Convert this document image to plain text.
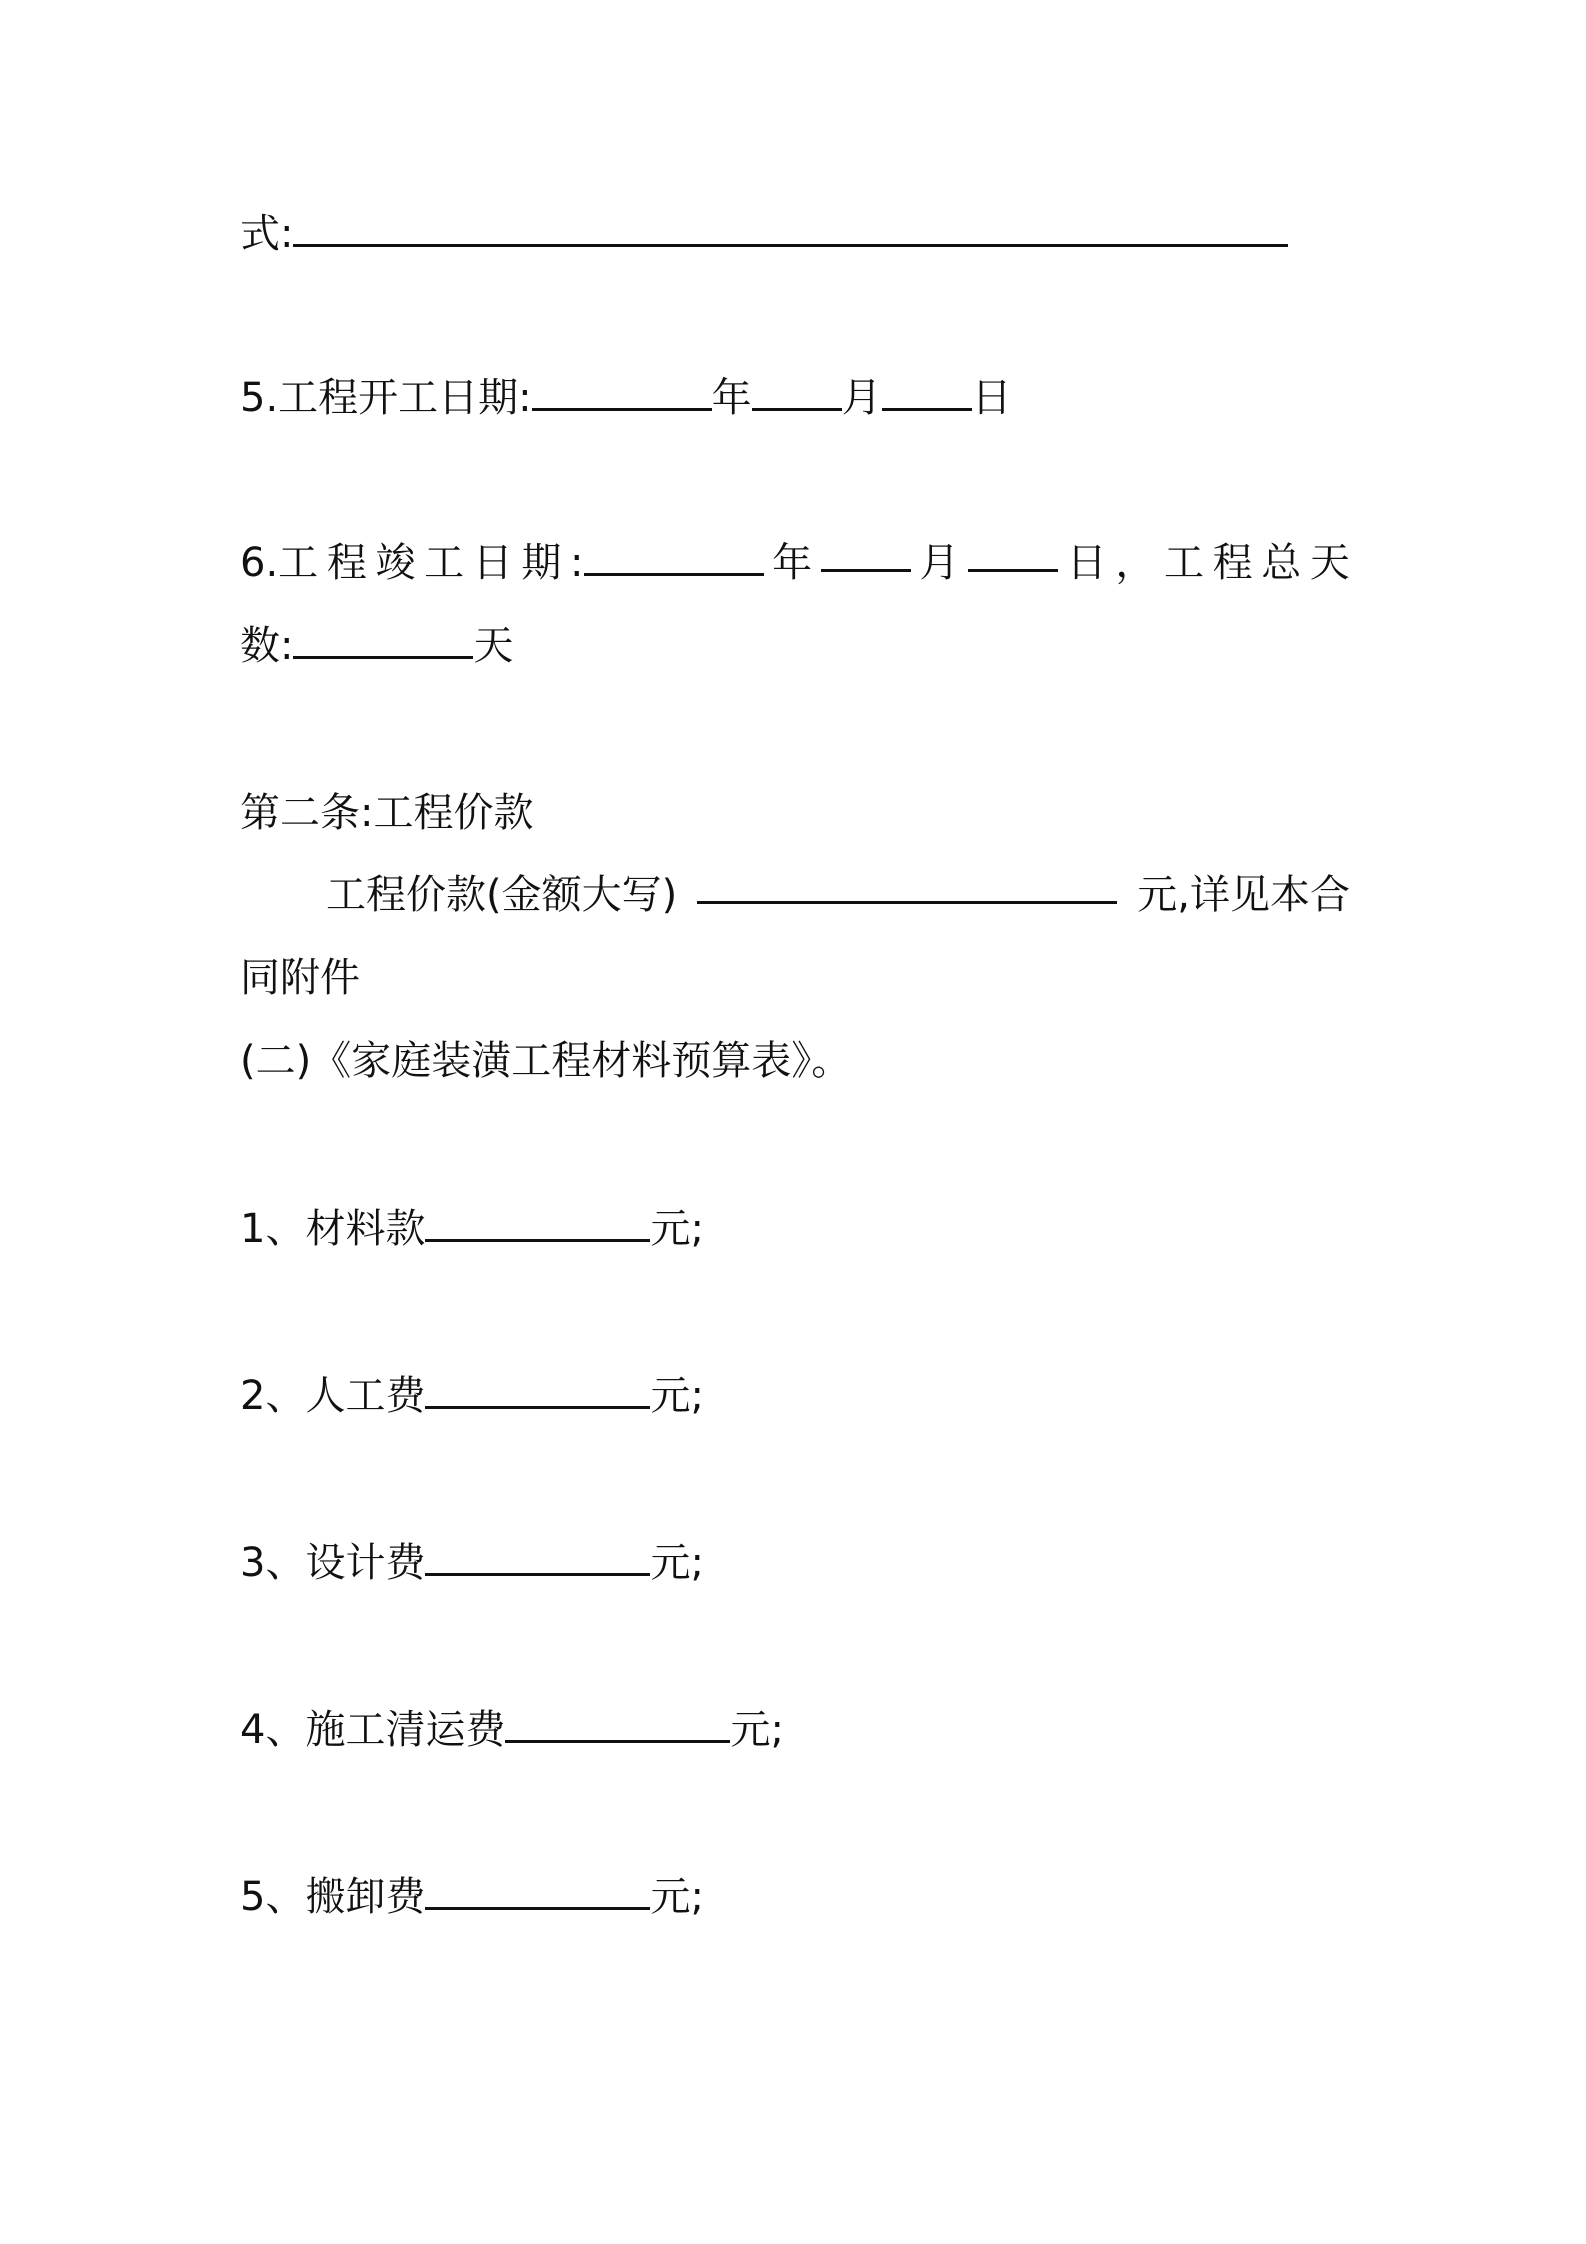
式:

5.工程开工日期:	年 月 日

6.工 程 竣 工 日 期 :	年	月	日 ， 工 程 总 天

数:	天

第二条:工程价款

工程价款(金额大写)	元,详见本合

同附件

(二)《家庭装潢工程材料预算表》。

1、材料款	元;

2、人工费	元;

3、设计费	元;

4、施工清运费	元;

5、搬卸费	元;
